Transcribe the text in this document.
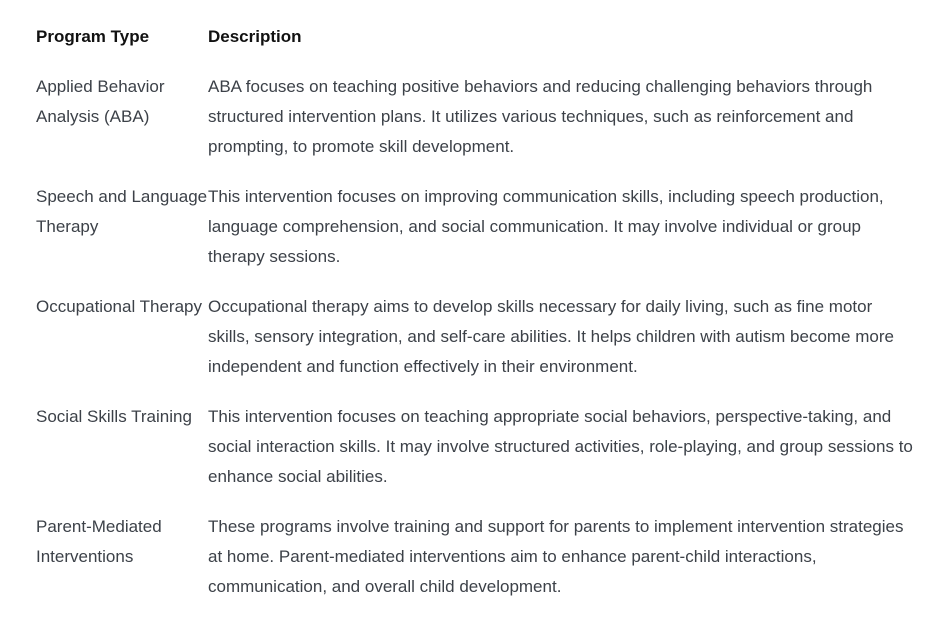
Program Type	Description
Applied Behavior Analysis (ABA)
ABA focuses on teaching positive behaviors and reducing challenging behaviors through structured intervention plans. It utilizes various techniques, such as reinforcement and prompting, to promote skill development.
Speech and Language Therapy
This intervention focuses on improving communication skills, including speech production, language comprehension, and social communication. It may involve individual or group therapy sessions.
Occupational Therapy Occupational therapy aims to develop skills necessary for daily living, such as fine motor skills, sensory integration, and self-care abilities. It helps children with autism become more independent and function effectively in their environment.
Social Skills Training This intervention focuses on teaching appropriate social behaviors, perspective-taking, and social interaction skills. It may involve structured activities, role-playing, and group sessions to enhance social abilities.
Parent-Mediated Interventions
These programs involve training and support for parents to implement intervention strategies at home. Parent-mediated interventions aim to enhance parent-child interactions, communication, and overall child development.
